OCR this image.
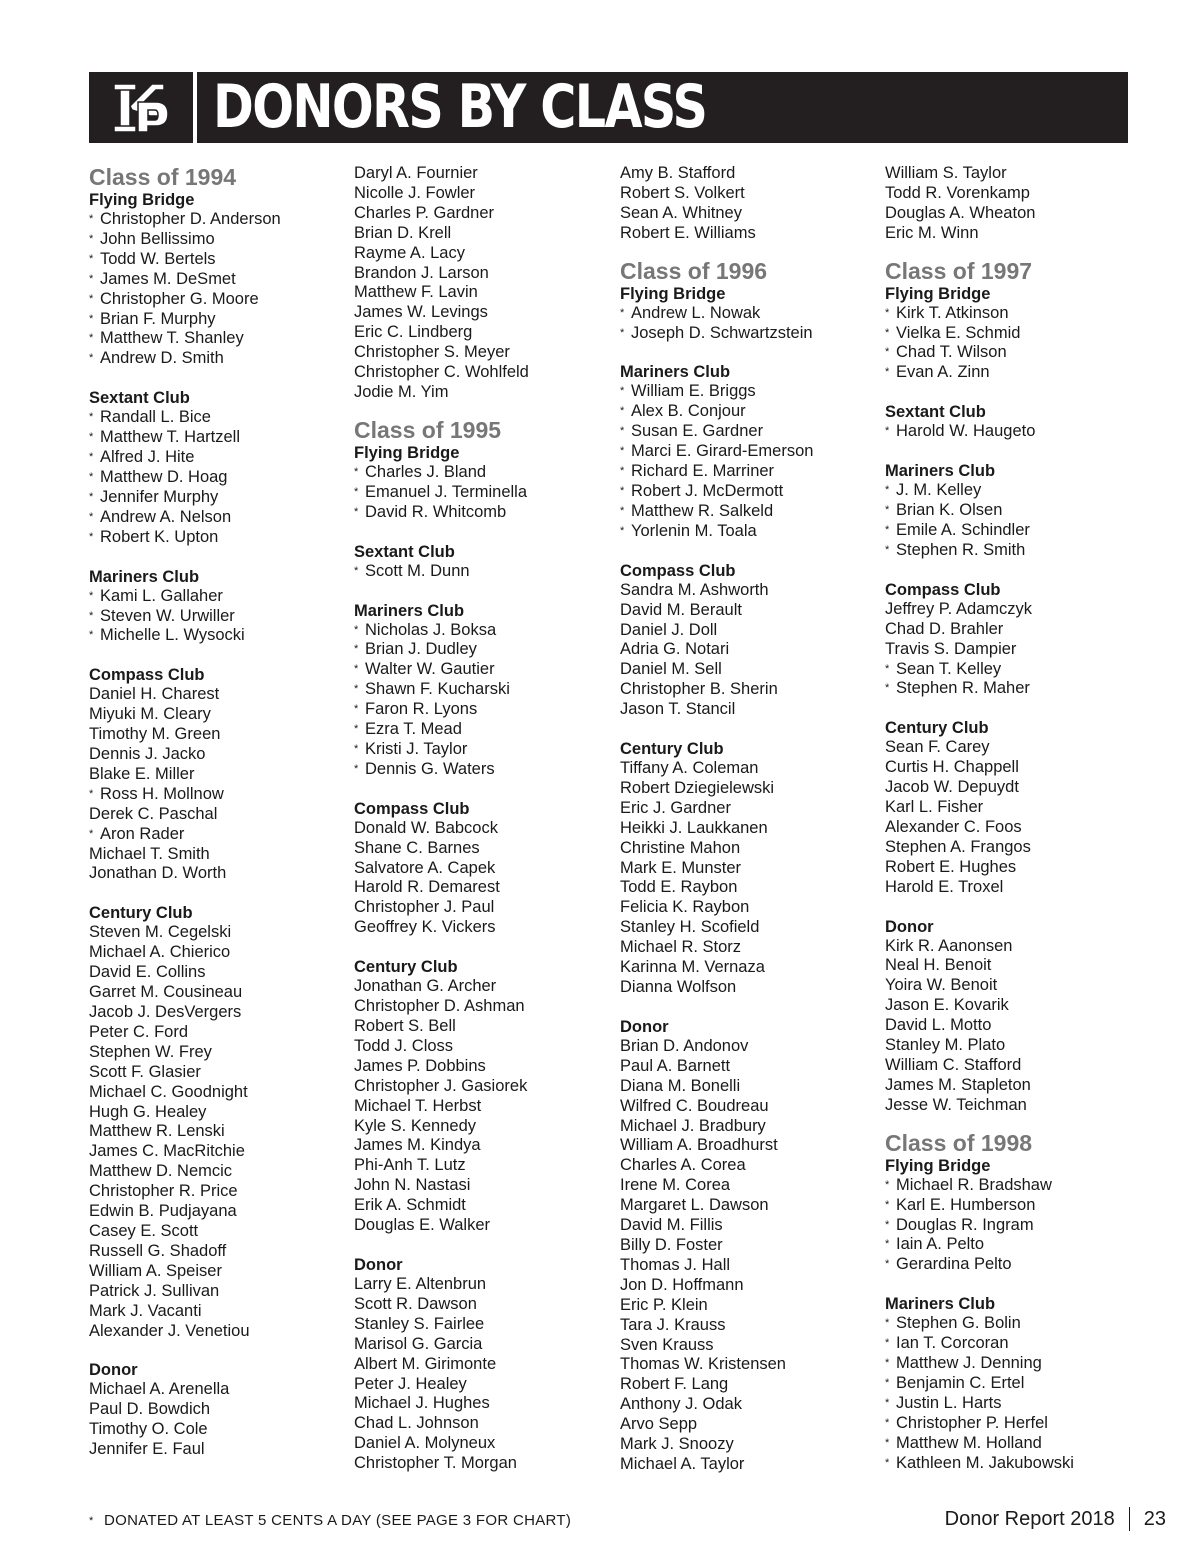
KP DONORS BY CLASS
Class of 1994
Flying Bridge
* Christopher D. Anderson
* John Bellissimo
* Todd W. Bertels
* James M. DeSmet
* Christopher G. Moore
* Brian F. Murphy
* Matthew T. Shanley
* Andrew D. Smith
Sextant Club
* Randall L. Bice
* Matthew T. Hartzell
* Alfred J. Hite
* Matthew D. Hoag
* Jennifer Murphy
* Andrew A. Nelson
* Robert K. Upton
Mariners Club
* Kami L. Gallaher
* Steven W. Urwiller
* Michelle L. Wysocki
Compass Club
Daniel H. Charest
Miyuki M. Cleary
Timothy M. Green
Dennis J. Jacko
Blake E. Miller
* Ross H. Mollnow
Derek C. Paschal
* Aron Rader
Michael T. Smith
Jonathan D. Worth
Century Club
Steven M. Cegelski
Michael A. Chierico
David E. Collins
Garret M. Cousineau
Jacob J. DesVergers
Peter C. Ford
Stephen W. Frey
Scott F. Glasier
Michael C. Goodnight
Hugh G. Healey
Matthew R. Lenski
James C. MacRitchie
Matthew D. Nemcic
Christopher R. Price
Edwin B. Pudjayana
Casey E. Scott
Russell G. Shadoff
William A. Speiser
Patrick J. Sullivan
Mark J. Vacanti
Alexander J. Venetiou
Donor
Michael A. Arenella
Paul D. Bowdich
Timothy O. Cole
Jennifer E. Faul
Daryl A. Fournier
Nicolle J. Fowler
Charles P. Gardner
Brian D. Krell
Rayme A. Lacy
Brandon J. Larson
Matthew F. Lavin
James W. Levings
Eric C. Lindberg
Christopher S. Meyer
Christopher C. Wohlfeld
Jodie M. Yim
Class of 1995
Flying Bridge
* Charles J. Bland
* Emanuel J. Terminella
* David R. Whitcomb
Sextant Club
* Scott M. Dunn
Mariners Club
* Nicholas J. Boksa
* Brian J. Dudley
* Walter W. Gautier
* Shawn F. Kucharski
* Faron R. Lyons
* Ezra T. Mead
* Kristi J. Taylor
* Dennis G. Waters
Compass Club
Donald W. Babcock
Shane C. Barnes
Salvatore A. Capek
Harold R. Demarest
Christopher J. Paul
Geoffrey K. Vickers
Century Club
Jonathan G. Archer
Christopher D. Ashman
Robert S. Bell
Todd J. Closs
James P. Dobbins
Christopher J. Gasiorek
Michael T. Herbst
Kyle S. Kennedy
James M. Kindya
Phi-Anh T. Lutz
John N. Nastasi
Erik A. Schmidt
Douglas E. Walker
Donor
Larry E. Altenbrun
Scott R. Dawson
Stanley S. Fairlee
Marisol G. Garcia
Albert M. Girimonte
Peter J. Healey
Michael J. Hughes
Chad L. Johnson
Daniel A. Molyneux
Christopher T. Morgan
Amy B. Stafford
Robert S. Volkert
Sean A. Whitney
Robert E. Williams
Class of 1996
Flying Bridge
* Andrew L. Nowak
* Joseph D. Schwartzstein
Mariners Club
* William E. Briggs
* Alex B. Conjour
* Susan E. Gardner
* Marci E. Girard-Emerson
* Richard E. Marriner
* Robert J. McDermott
* Matthew R. Salkeld
* Yorlenin M. Toala
Compass Club
Sandra M. Ashworth
David M. Berault
Daniel J. Doll
Adria G. Notari
Daniel M. Sell
Christopher B. Sherin
Jason T. Stancil
Century Club
Tiffany A. Coleman
Robert Dziegielewski
Eric J. Gardner
Heikki J. Laukkanen
Christine Mahon
Mark E. Munster
Todd E. Raybon
Felicia K. Raybon
Stanley H. Scofield
Michael R. Storz
Karinna M. Vernaza
Dianna Wolfson
Donor
Brian D. Andonov
Paul A. Barnett
Diana M. Bonelli
Wilfred C. Boudreau
Michael J. Bradbury
William A. Broadhurst
Charles A. Corea
Irene M. Corea
Margaret L. Dawson
David M. Fillis
Billy D. Foster
Thomas J. Hall
Jon D. Hoffmann
Eric P. Klein
Tara J. Krauss
Sven Krauss
Thomas W. Kristensen
Robert F. Lang
Anthony J. Odak
Arvo Sepp
Mark J. Snoozy
Michael A. Taylor
William S. Taylor
Todd R. Vorenkamp
Douglas A. Wheaton
Eric M. Winn
Class of 1997
Flying Bridge
* Kirk T. Atkinson
* Vielka E. Schmid
* Chad T. Wilson
* Evan A. Zinn
Sextant Club
* Harold W. Haugeto
Mariners Club
* J. M. Kelley
* Brian K. Olsen
* Emile A. Schindler
* Stephen R. Smith
Compass Club
Jeffrey P. Adamczyk
Chad D. Brahler
Travis S. Dampier
* Sean T. Kelley
* Stephen R. Maher
Century Club
Sean F. Carey
Curtis H. Chappell
Jacob W. Depuydt
Karl L. Fisher
Alexander C. Foos
Stephen A. Frangos
Robert E. Hughes
Harold E. Troxel
Donor
Kirk R. Aanonsen
Neal H. Benoit
Yoira W. Benoit
Jason E. Kovarik
David L. Motto
Stanley M. Plato
William C. Stafford
James M. Stapleton
Jesse W. Teichman
Class of 1998
Flying Bridge
* Michael R. Bradshaw
* Karl E. Humberson
* Douglas R. Ingram
* Iain A. Pelto
* Gerardina Pelto
Mariners Club
* Stephen G. Bolin
* Ian T. Corcoran
* Matthew J. Denning
* Benjamin C. Ertel
* Justin L. Harts
* Christopher P. Herfel
* Matthew M. Holland
* Kathleen M. Jakubowski
* DONATED AT LEAST 5 CENTS A DAY (SEE PAGE 3 FOR CHART)	Donor Report 2018 23
